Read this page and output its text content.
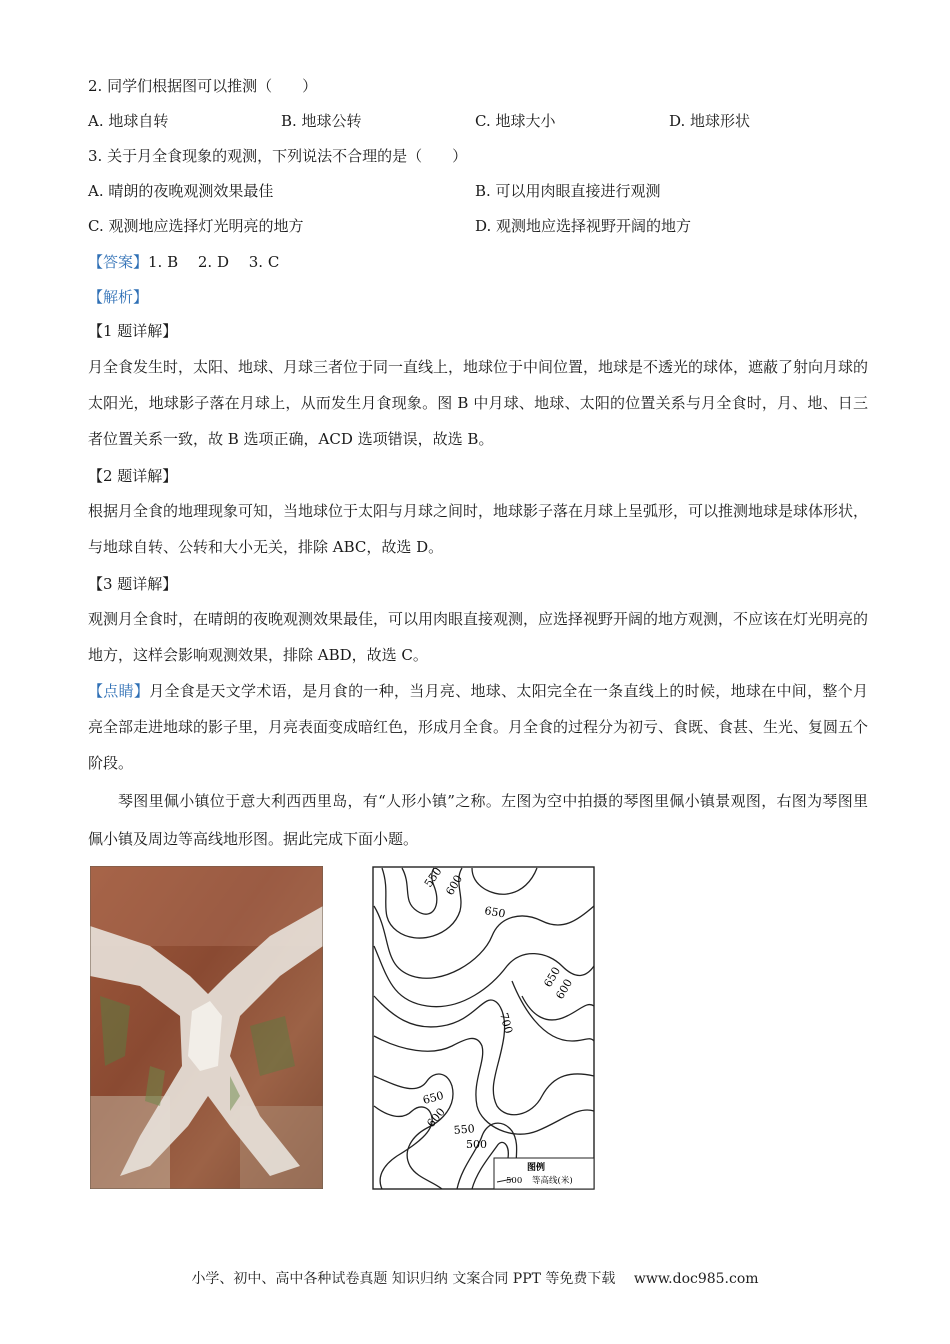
2. 同学们根据图可以推测（　　）
A. 地球自转	B. 地球公转	C. 地球大小	D. 地球形状
3. 关于月全食现象的观测，下列说法不合理的是（　　）
A. 晴朗的夜晚观测效果最佳	B. 可以用肉眼直接进行观测
C. 观测地应选择灯光明亮的地方	D. 观测地应选择视野开阔的地方
【答案】1. B　 2. D　 3. C
【解析】
【1 题详解】
月全食发生时，太阳、地球、月球三者位于同一直线上，地球位于中间位置，地球是不透光的球体，遮蔽了射向月球的太阳光，地球影子落在月球上，从而发生月食现象。图 B 中月球、地球、太阳的位置关系与月全食时，月、地、日三者位置关系一致，故 B 选项正确，ACD 选项错误，故选 B。
【2 题详解】
根据月全食的地理现象可知，当地球位于太阳与月球之间时，地球影子落在月球上呈弧形，可以推测地球是球体形状，与地球自转、公转和大小无关，排除 ABC，故选 D。
【3 题详解】
观测月全食时，在晴朗的夜晚观测效果最佳，可以用肉眼直接观测，应选择视野开阔的地方观测，不应该在灯光明亮的地方，这样会影响观测效果，排除 ABD，故选 C。
【点睛】月全食是天文学术语，是月食的一种，当月亮、地球、太阳完全在一条直线上的时候，地球在中间，整个月亮全部走进地球的影子里，月亮表面变成暗红色，形成月全食。月全食的过程分为初亏、食既、食甚、生光、复圆五个阶段。
琴图里佩小镇位于意大利西西里岛，有“人形小镇”之称。左图为空中拍摄的琴图里佩小镇景观图，右图为琴图里佩小镇及周边等高线地形图。据此完成下面小题。
550
600
650
650
600
700
650
600 550
500
图例
500 等高线(米)
小学、初中、高中各种试卷真题 知识归纳 文案合同 PPT 等免费下载　 www.doc985.com
